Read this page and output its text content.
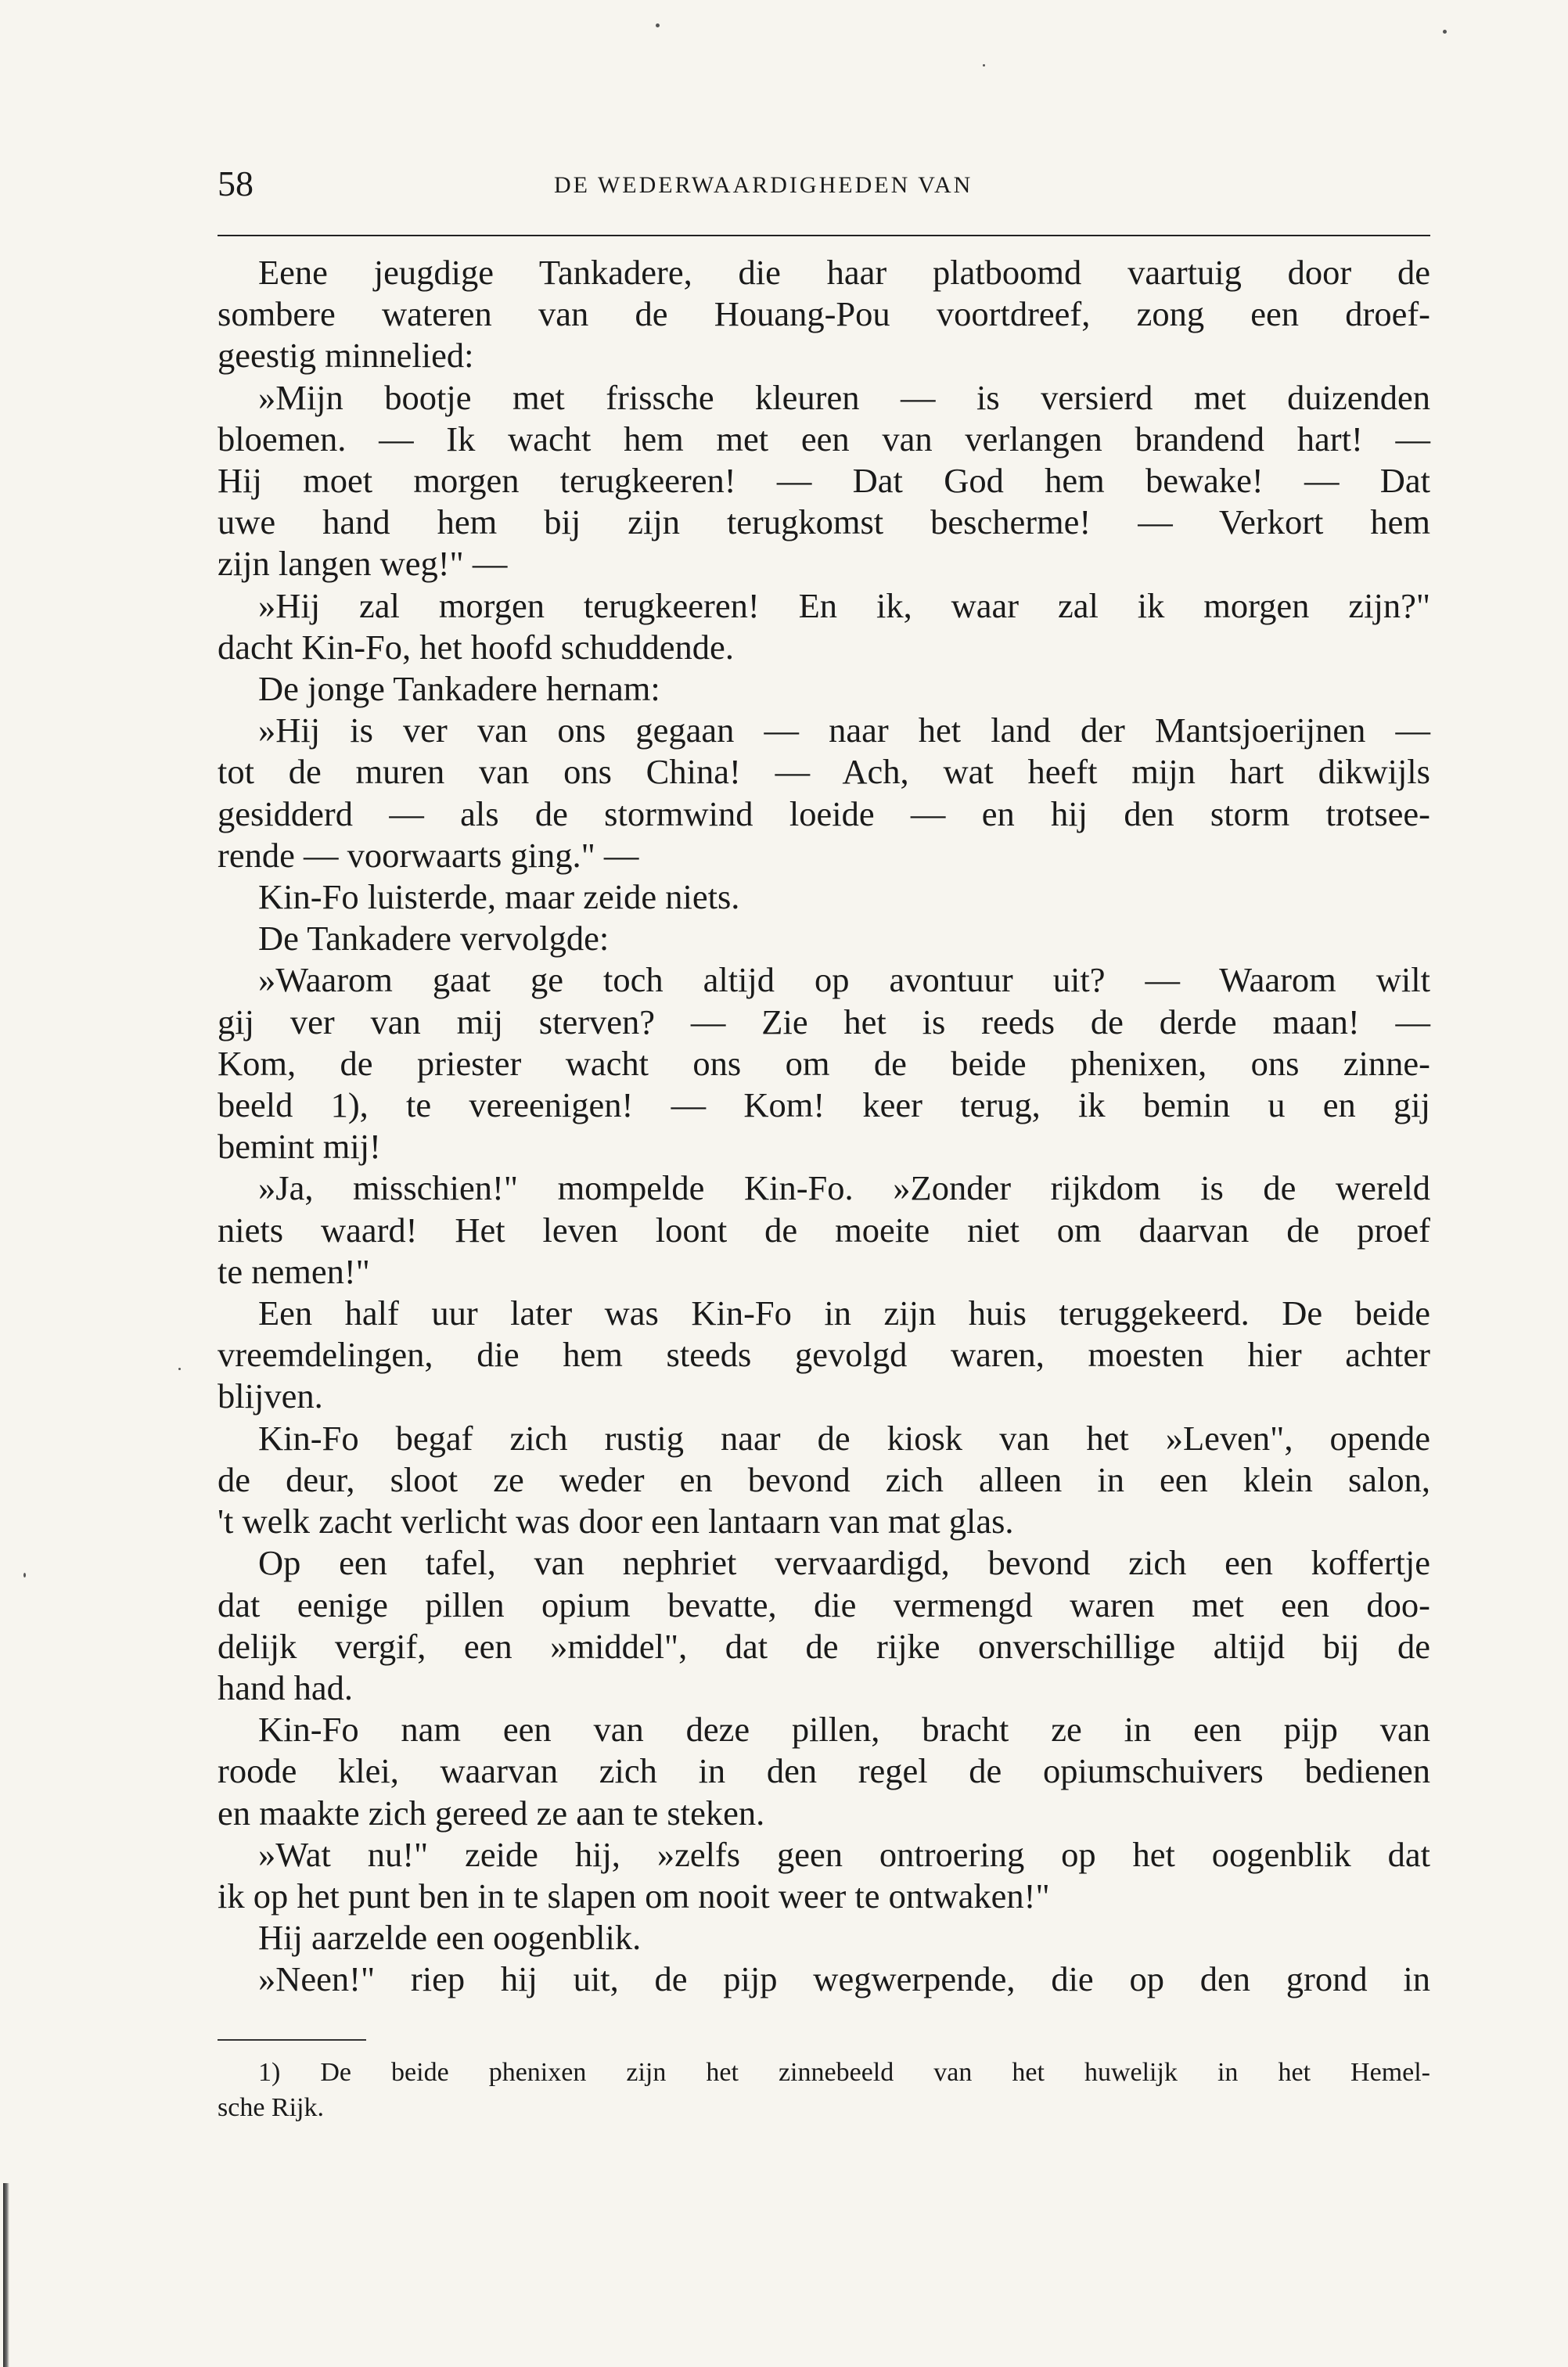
58	DE WEDERWAARDIGHEDEN VAN
Eene jeugdige Tankadere, die haar platboomd vaartuig door de
sombere wateren van de Houang-Pou voortdreef, zong een droef-
geestig minnelied:
»Mijn bootje met frissche kleuren — is versierd met duizenden
bloemen. — Ik wacht hem met een van verlangen brandend hart! —
Hij moet morgen terugkeeren! — Dat God hem bewake! — Dat
uwe hand hem bij zijn terugkomst bescherme! — Verkort hem
zijn langen weg!" —
»Hij zal morgen terugkeeren! En ik, waar zal ik morgen zijn?"
dacht Kin-Fo, het hoofd schuddende.
De jonge Tankadere hernam:
»Hij is ver van ons gegaan — naar het land der Mantsjoerijnen —
tot de muren van ons China! — Ach, wat heeft mijn hart dikwijls
gesidderd — als de stormwind loeide — en hij den storm trotsee-
rende — voorwaarts ging." —
Kin-Fo luisterde, maar zeide niets.
De Tankadere vervolgde:
»Waarom gaat ge toch altijd op avontuur uit? — Waarom wilt
gij ver van mij sterven? — Zie het is reeds de derde maan! —
Kom, de priester wacht ons om de beide phenixen, ons zinne-
beeld 1), te vereenigen! — Kom! keer terug, ik bemin u en gij
bemint mij!
»Ja, misschien!" mompelde Kin-Fo. »Zonder rijkdom is de wereld
niets waard! Het leven loont de moeite niet om daarvan de proef
te nemen!"
Een half uur later was Kin-Fo in zijn huis teruggekeerd. De beide
vreemdelingen, die hem steeds gevolgd waren, moesten hier achter
blijven.
Kin-Fo begaf zich rustig naar de kiosk van het »Leven", opende
de deur, sloot ze weder en bevond zich alleen in een klein salon,
't welk zacht verlicht was door een lantaarn van mat glas.
Op een tafel, van nephriet vervaardigd, bevond zich een koffertje
dat eenige pillen opium bevatte, die vermengd waren met een doo-
delijk vergif, een »middel", dat de rijke onverschillige altijd bij de
hand had.
Kin-Fo nam een van deze pillen, bracht ze in een pijp van
roode klei, waarvan zich in den regel de opiumschuivers bedienen
en maakte zich gereed ze aan te steken.
»Wat nu!" zeide hij, »zelfs geen ontroering op het oogenblik dat
ik op het punt ben in te slapen om nooit weer te ontwaken!"
Hij aarzelde een oogenblik.
»Neen!" riep hij uit, de pijp wegwerpende, die op den grond in
1) De beide phenixen zijn het zinnebeeld van het huwelijk in het Hemel-
sche Rijk.
